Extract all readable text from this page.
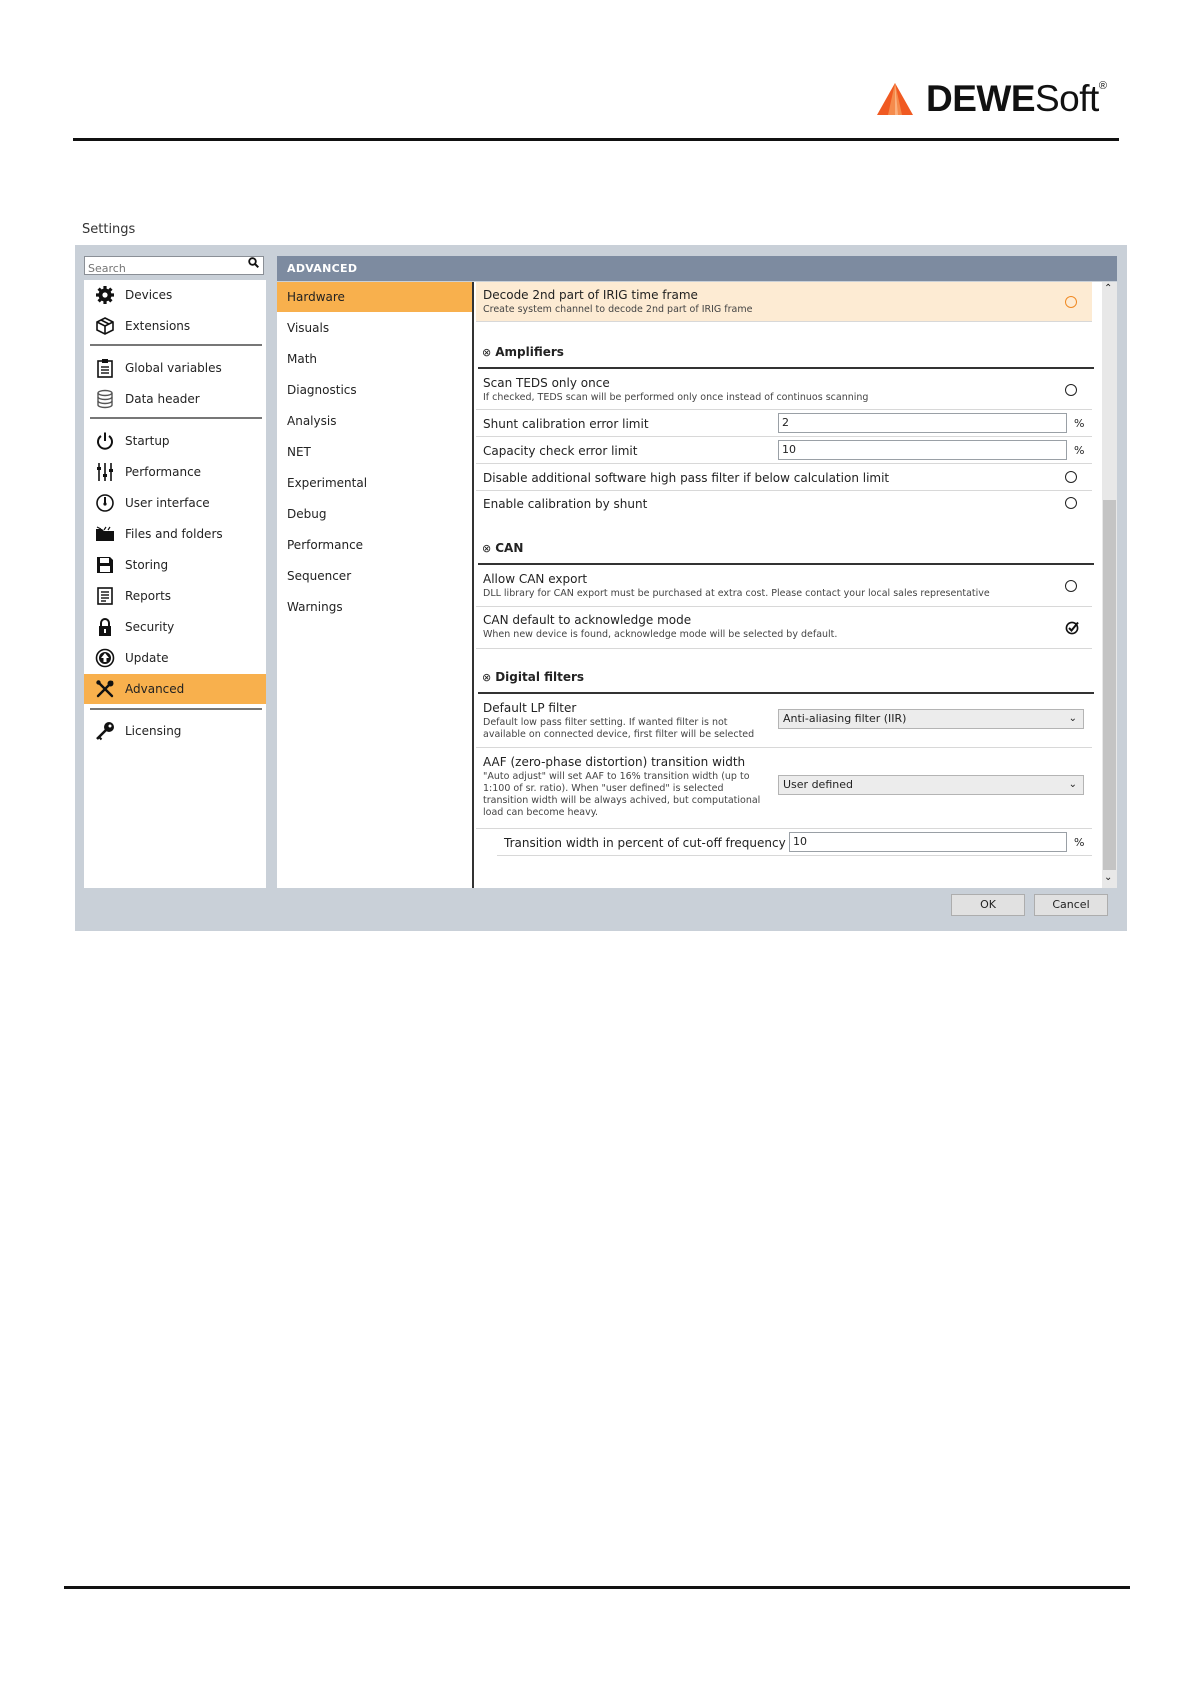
DEWESoft®
Settings
Search
Devices
Extensions
Global variables
Data header
Startup
Performance
User interface
Files and folders
Storing
Reports
Security
Update
Advanced
Licensing
ADVANCED
Hardware
Visuals
Math
Diagnostics
Analysis
NET
Experimental
Debug
Performance
Sequencer
Warnings
⌃
⌄
Decode 2nd part of IRIG time frame
Create system channel to decode 2nd part of IRIG frame
⊗ Amplifiers
Scan TEDS only once
If checked, TEDS scan will be performed only once instead of continuos scanning
Shunt calibration error limit	2	%
Capacity check error limit	10	%
Disable additional software high pass filter if below calculation limit
Enable calibration by shunt
⊗ CAN
Allow CAN export
DLL library for CAN export must be purchased at extra cost. Please contact your local sales representative
CAN default to acknowledge mode
When new device is found, acknowledge mode will be selected by default.
⊗ Digital filters
Default LP filter
Default low pass filter setting. If wanted filter is not available on connected device, first filter will be selected
Anti-aliasing filter (IIR)	⌄
AAF (zero-phase distortion) transition width
"Auto adjust" will set AAF to 16% transition width (up to 1:100 of sr. ratio). When "user defined" is selected transition width will be always achived, but computational load can become heavy.
User defined	⌄
Transition width in percent of cut-off frequency 10	%
OK	Cancel
